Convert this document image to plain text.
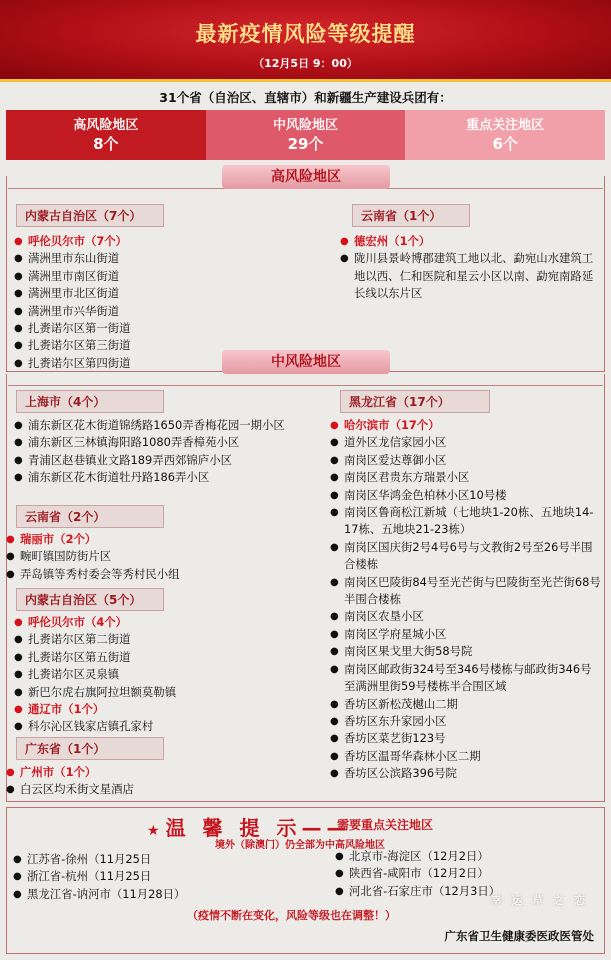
最新疫情风险等级提醒
（12月5日 9：00）
31个省（自治区、直辖市）和新疆生产建设兵团有：
高风险地区
8个
中风险地区
29个
重点关注地区
6个
高风险地区
内蒙古自治区（7个）
● 呼伦贝尔市（7个）
● 满洲里市东山街道
● 满洲里市南区街道
● 满洲里市北区街道
● 满洲里市兴华街道
● 扎赉诺尔区第一街道
● 扎赉诺尔区第三街道
● 扎赉诺尔区第四街道
云南省（1个）
● 德宏州（1个）
● 陇川县景岭博郡建筑工地以北、勐宛山水建筑工地以西、仁和医院和星云小区以南、勐宛南路延长线以东片区
中风险地区
上海市（4个）
● 浦东新区花木街道锦绣路1650弄香梅花园一期小区
● 浦东新区三林镇海阳路1080弄香樟苑小区
● 青浦区赵巷镇业文路189弄西郊锦庐小区
● 浦东新区花木街道牡丹路186弄小区
云南省（2个）
● 瑞丽市（2个）
● 畹町镇国防街片区
● 弄岛镇等秀村委会等秀村民小组
内蒙古自治区（5个）
● 呼伦贝尔市（4个）
● 扎赉诺尔区第二街道
● 扎赉诺尔区第五街道
● 扎赉诺尔区灵泉镇
● 新巴尔虎右旗阿拉坦额莫勒镇
● 通辽市（1个）
● 科尔沁区钱家店镇孔家村
广东省（1个）
● 广州市（1个）
● 白云区均禾街文星酒店
黑龙江省（17个）
● 哈尔滨市（17个）
● 道外区龙信家园小区
● 南岗区爱达尊御小区
● 南岗区君贵东方瑞景小区
● 南岗区华鸿金色柏林小区10号楼
● 南岗区鲁商松江新城（七地块1-20栋、五地块14-17栋、五地块21-23栋）
● 南岗区国庆街2号4号6号与文教街2号至26号半围合楼栋
● 南岗区巴陵街84号至光芒街与巴陵街至光芒街68号半围合楼栋
● 南岗区农垦小区
● 南岗区学府星城小区
● 南岗区果戈里大街58号院
● 南岗区邮政街324号至346号楼栋与邮政街346号至满洲里街59号楼栋半合围区域
● 香坊区新松茂樾山二期
● 香坊区东升家园小区
● 香坊区菜艺街123号
● 香坊区温哥华森林小区二期
● 香坊区公滨路396号院
★ 温 馨 提 示——
需要重点关注地区
境外（除澳门）仍全部为中高风险地区
● 江苏省-徐州（11月25日
● 浙江省-杭州（11月25日
● 黑龙江省-讷河市（11月28日）
● 北京市-海淀区（12月2日）
● 陕西省-咸阳市（12月2日）
● 河北省-石家庄市（12月3日）
幸 运 草 之 恋
（疫情不断在变化，风险等级也在调整！）
广东省卫生健康委医政医管处
